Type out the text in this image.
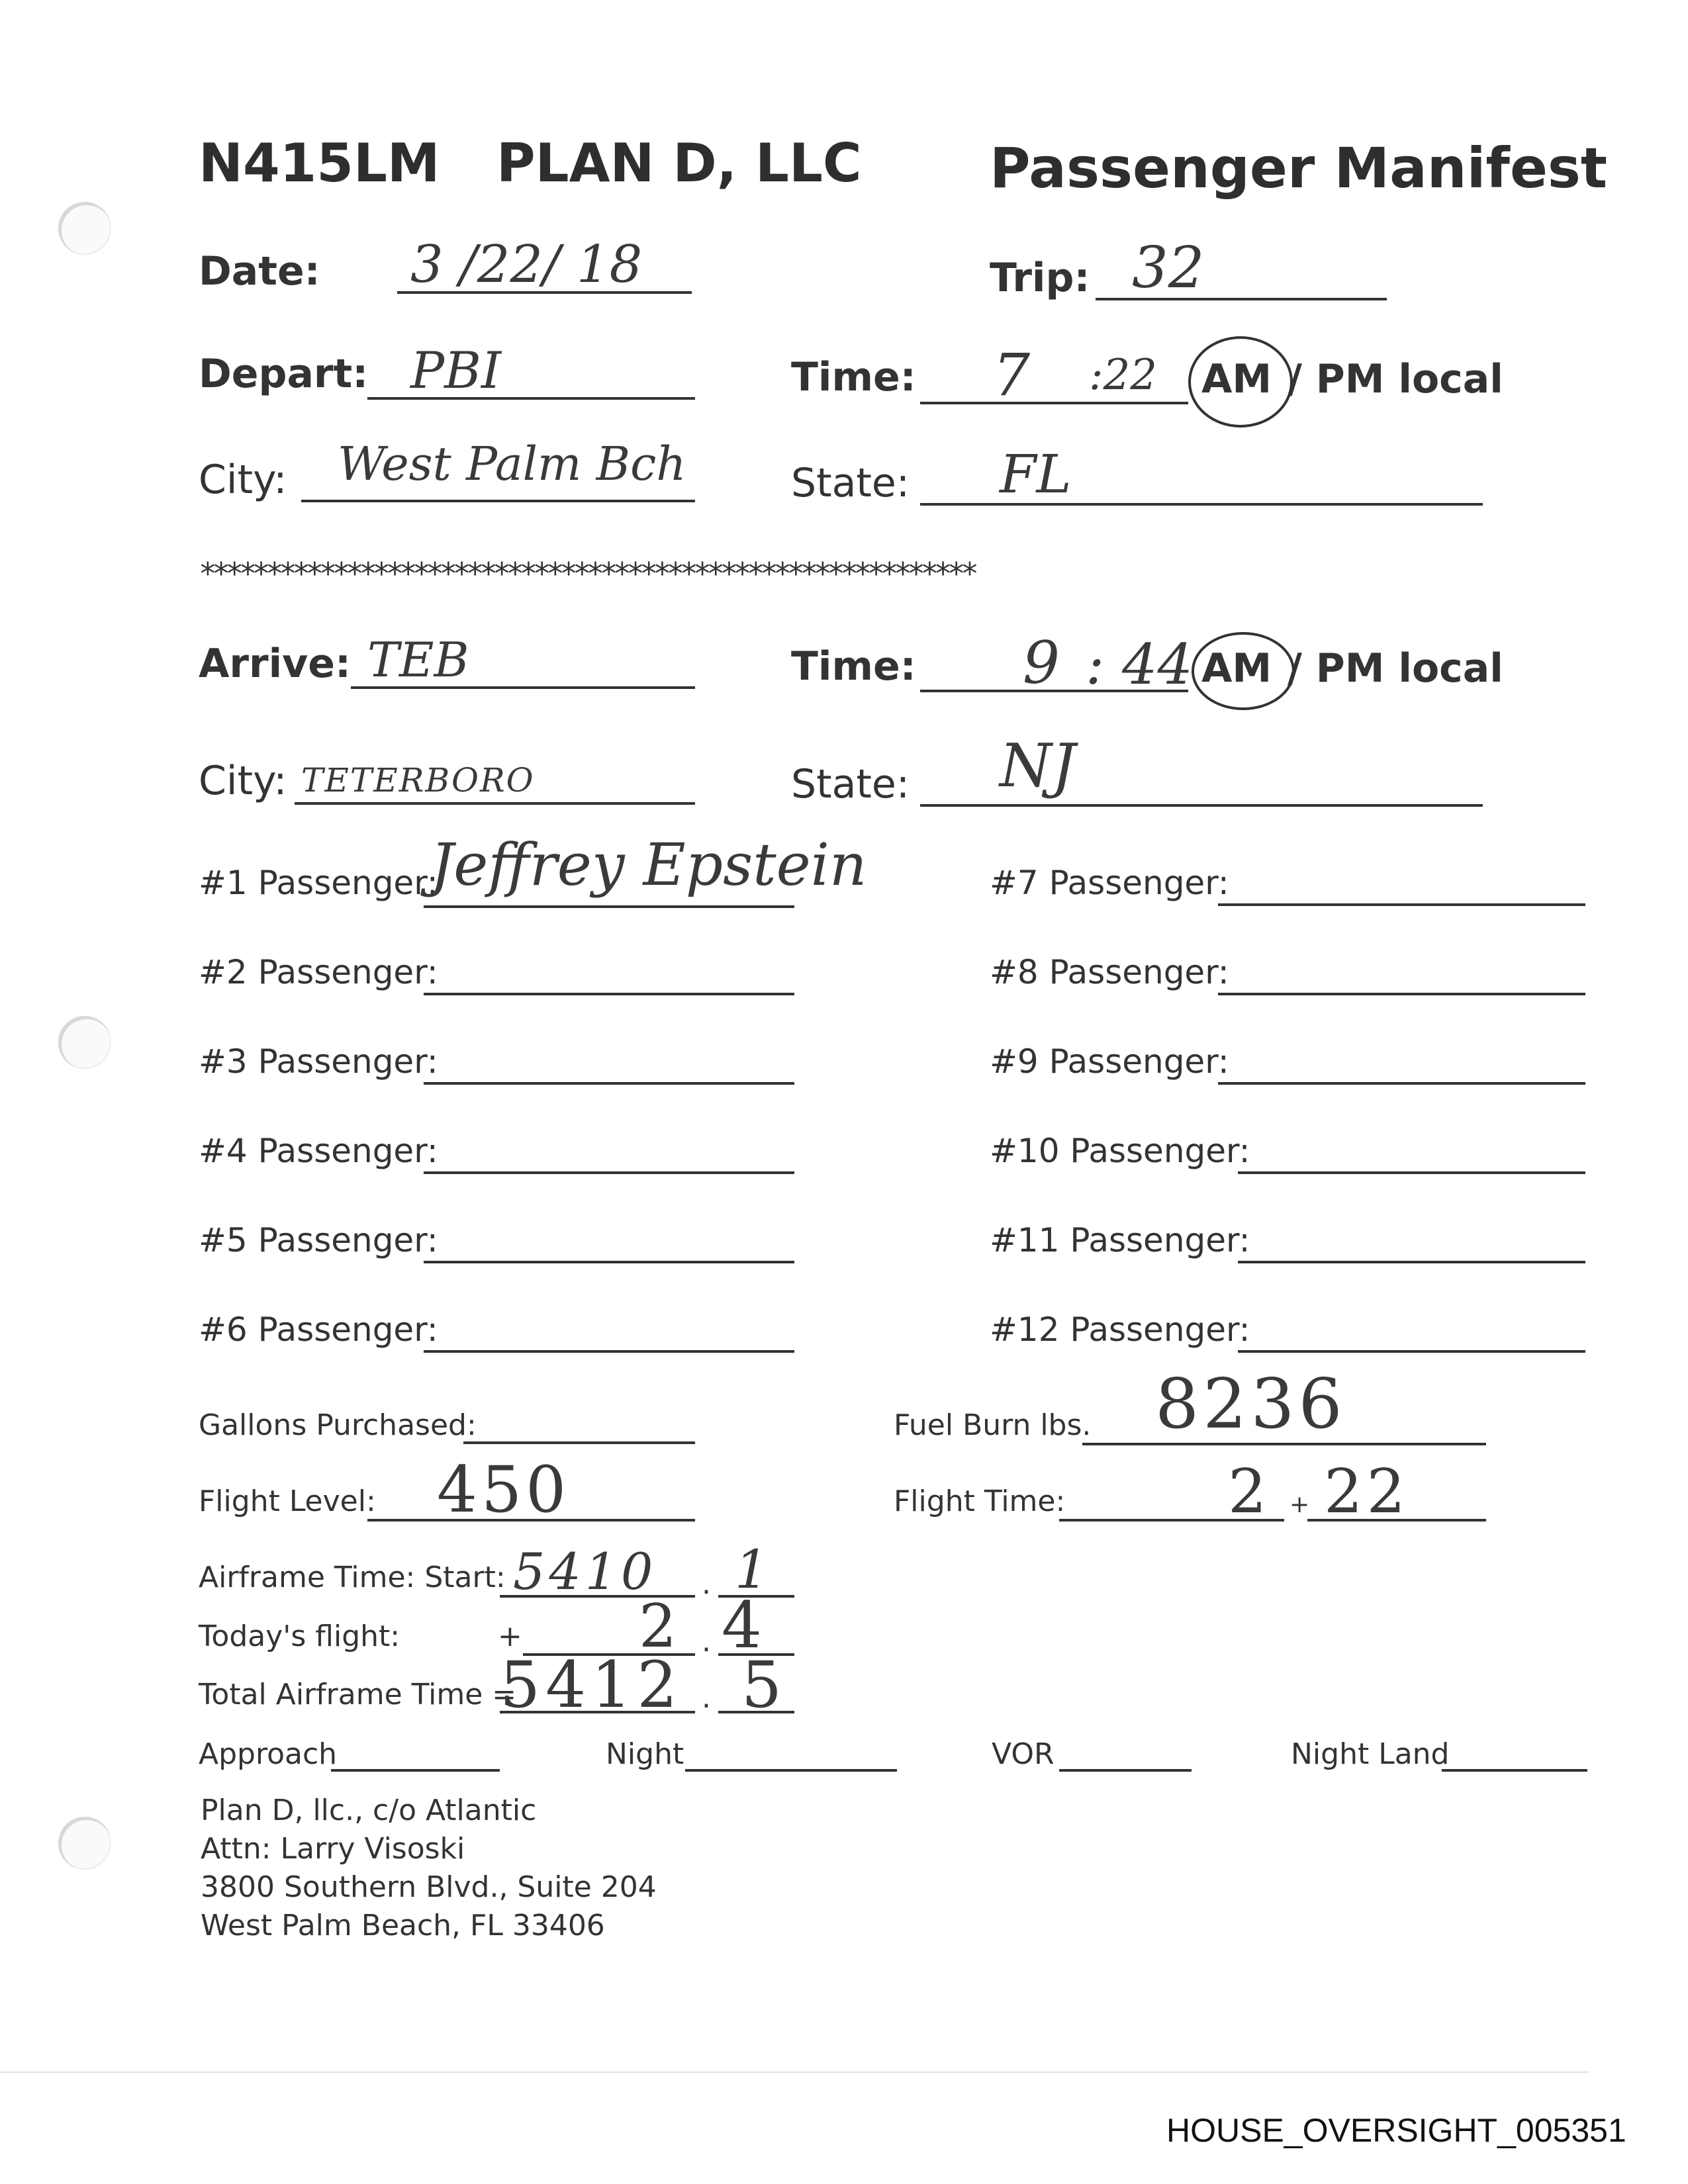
N415LM PLAN D, LLC Passenger Manifest
Date: 3 /22/ 18	Trip: 32
Depart: PBI	Time: 7 :22 AM / PM local
City: West Palm Bch	State: FL
**********************************************************
Arrive: TEB	Time: 9 : 44 AM / PM local
City: TETERBORO	State: NJ
#1 Passenger:
Jeffrey Epstein
#2 Passenger:
#3 Passenger:
#4 Passenger:
#5 Passenger:
#6 Passenger:
#7 Passenger:
#8 Passenger:
#9 Passenger:
#10 Passenger:
#11 Passenger:
#12 Passenger:
Gallons Purchased:	Fuel Burn lbs. 8236
Flight Level: 450	Flight Time:	2 + 22
Airframe Time: Start: 5410 . 1
Today's flight:	+ 2 . 4
Total Airframe Time =
5412 . 5
Approach	Night	VOR	Night Land
Plan D, llc., c/o Atlantic
Attn: Larry Visoski
3800 Southern Blvd., Suite 204
West Palm Beach, FL 33406
HOUSE_OVERSIGHT_005351
